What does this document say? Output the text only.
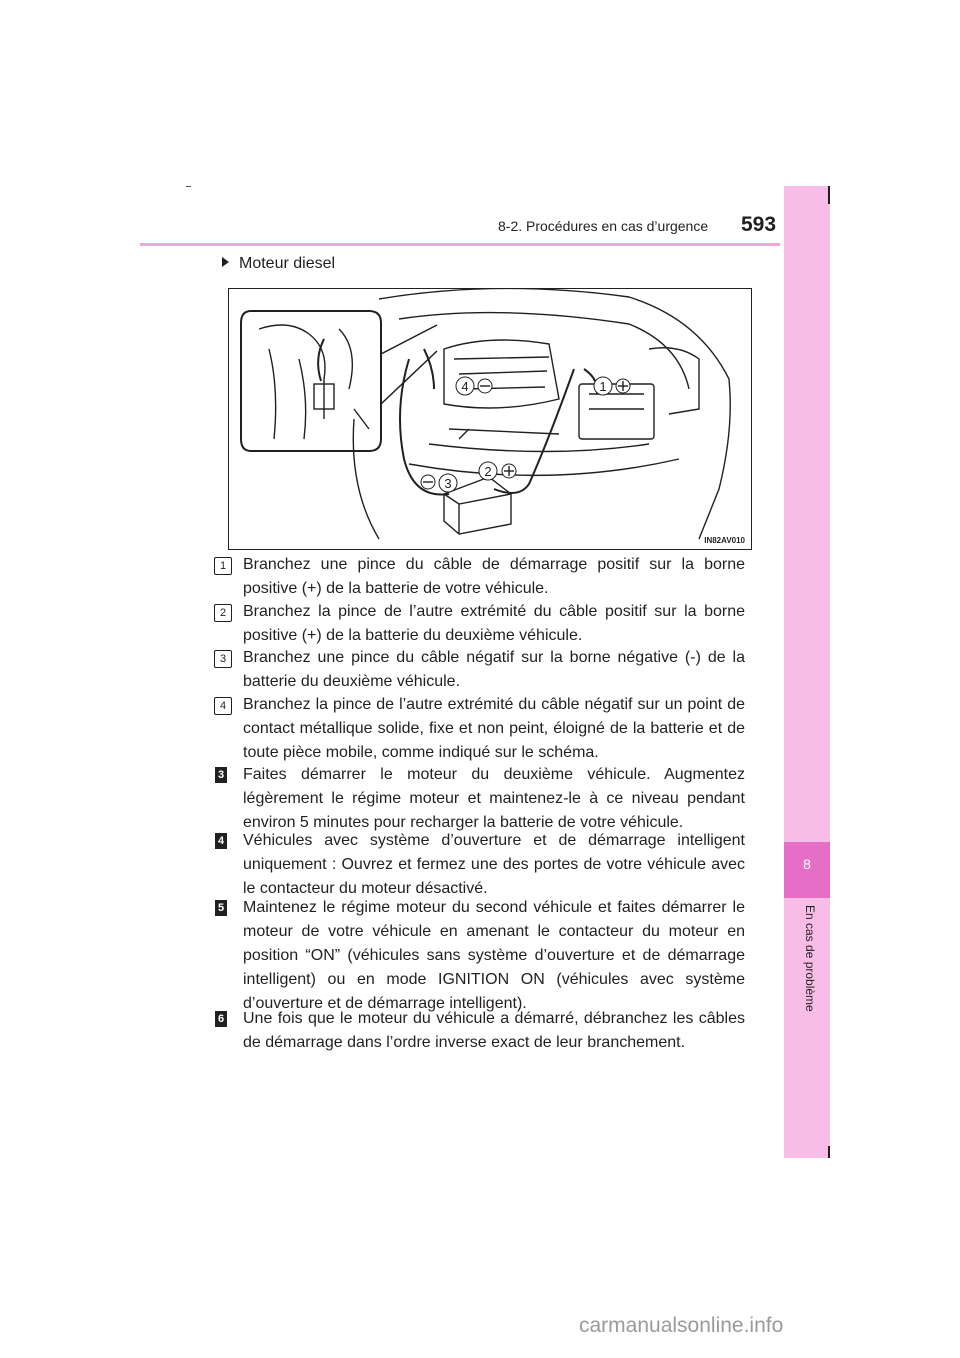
8-2. Procédures en cas d’urgence 593
8
En cas de problème
Moteur diesel
4	1
2
3
IN82AV010
1	Branchez une pince du câble de démarrage positif sur la borne positive (+) de la batterie de votre véhicule.
2	Branchez la pince de l’autre extrémité du câble positif sur la borne positive (+) de la batterie du deuxième véhicule.
3	Branchez une pince du câble négatif sur la borne négative (-) de la batterie du deuxième véhicule.
4	Branchez la pince de l’autre extrémité du câble négatif sur un point de contact métallique solide, fixe et non peint, éloigné de la batterie et de toute pièce mobile, comme indiqué sur le schéma.
3 Faites démarrer le moteur du deuxième véhicule. Augmentez légèrement le régime moteur et maintenez-le à ce niveau pendant environ 5 minutes pour recharger la batterie de votre véhicule.
4 Véhicules avec système d’ouverture et de démarrage intelligent uniquement : Ouvrez et fermez une des portes de votre véhicule avec le contacteur du moteur désactivé.
5 Maintenez le régime moteur du second véhicule et faites démarrer le moteur de votre véhicule en amenant le contacteur du moteur en position “ON” (véhicules sans système d’ouverture et de démarrage intelligent) ou en mode IGNITION ON (véhicules avec système d’ouverture et de démarrage intelligent).
6 Une fois que le moteur du véhicule a démarré, débranchez les câbles de démarrage dans l’ordre inverse exact de leur branchement.
carmanualsonline.info
